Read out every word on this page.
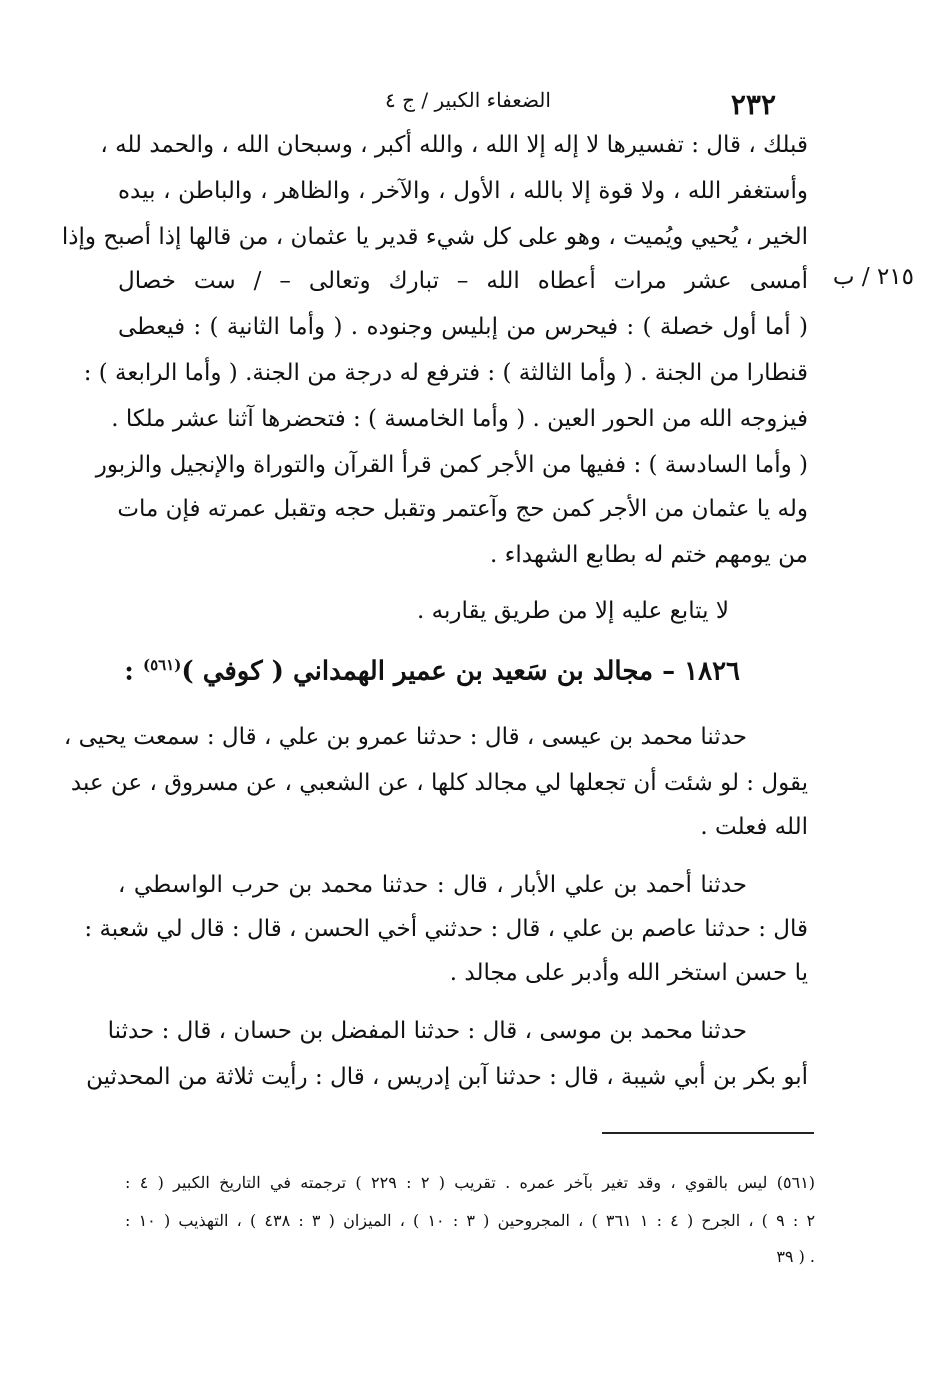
٢٣٢
الضعفاء الكبير / ج ٤
٢١٥ / ب
قبلك ، قال : تفسيرها لا إله إلا الله ، والله أكبر ، وسبحان الله ، والحمد لله ،
وأستغفر الله ، ولا قوة إلا بالله ، الأول ، والآخر ، والظاهر ، والباطن ، بيده
الخير ، يُحيي ويُميت ، وهو على كل شيء قدير يا عثمان ، من قالها إذا أصبح وإذا
أمسى عشر مرات أعطاه الله – تبارك وتعالى – / ست خصال
( أما أول خصلة ) : فيحرس من إبليس وجنوده . ( وأما الثانية ) : فيعطى
قنطارا من الجنة . ( وأما الثالثة ) : فترفع له درجة من الجنة. ( وأما الرابعة ) :
فيزوجه الله من الحور العين . ( وأما الخامسة ) : فتحضرها آثنا عشر ملكا .
( وأما السادسة ) : ففيها من الأجر كمن قرأ القرآن والتوراة والإنجيل والزبور
وله يا عثمان من الأجر كمن حج وآعتمر وتقبل حجه وتقبل عمرته فإن مات
من يومهم ختم له بطابع الشهداء .
لا يتابع عليه إلا من طريق يقاربه .
١٨٢٦ – مجالد بن سَعيد بن عمير الهمداني ( كوفي )$^{(٥٦١)}$ :
حدثنا محمد بن عيسى ، قال : حدثنا عمرو بن علي ، قال : سمعت يحيى ،
يقول : لو شئت أن تجعلها لي مجالد كلها ، عن الشعبي ، عن مسروق ، عن عبد
الله فعلت .
حدثنا أحمد بن علي الأبار ، قال : حدثنا محمد بن حرب الواسطي ،
قال : حدثنا عاصم بن علي ، قال : حدثني أخي الحسن ، قال : قال لي شعبة :
يا حسن استخر الله وأدبر على مجالد .
حدثنا محمد بن موسى ، قال : حدثنا المفضل بن حسان ، قال : حدثنا
أبو بكر بن أبي شيبة ، قال : حدثنا آبن إدريس ، قال : رأيت ثلاثة من المحدثين
(٥٦١) ليس بالقوي ، وقد تغير بآخر عمره . تقريب ( ٢ : ٢٢٩ ) ترجمته في التاريخ الكبير ( ٤ :
٢ : ٩ ) ، الجرح ( ٤ : ١ ٣٦١ ) ، المجروحين ( ٣ : ١٠ ) ، الميزان ( ٣ : ٤٣٨ ) ، التهذيب ( ١٠ :
٣٩ ) .
